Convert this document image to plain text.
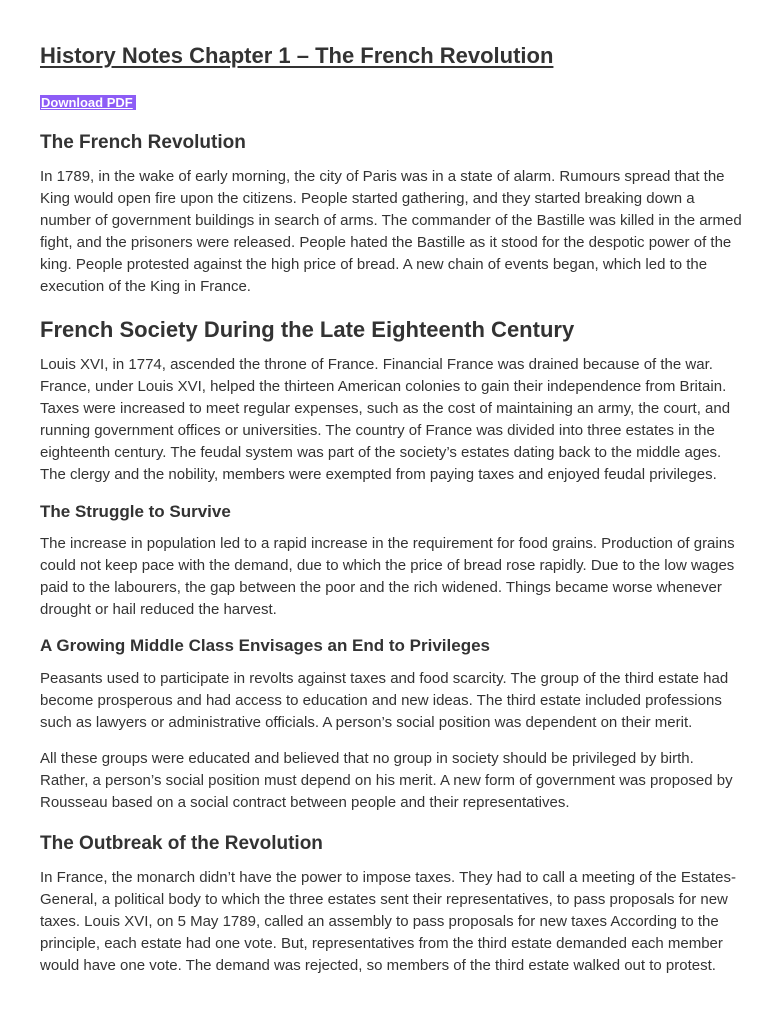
History Notes Chapter 1 – The French Revolution
Download PDF
The French Revolution

In 1789, in the wake of early morning, the city of Paris was in a state of alarm. Rumours spread that the King would open fire upon the citizens. People started gathering, and they started breaking down a number of government buildings in search of arms. The commander of the Bastille was killed in the armed fight, and the prisoners were released. People hated the Bastille as it stood for the despotic power of the king. People protested against the high price of bread. A new chain of events began, which led to the execution of the King in France.

French Society During the Late Eighteenth Century

Louis XVI, in 1774, ascended the throne of France. Financial France was drained because of the war. France, under Louis XVI, helped the thirteen American colonies to gain their independence from Britain. Taxes were increased to meet regular expenses, such as the cost of maintaining an army, the court, and running government offices or universities. The country of France was divided into three estates in the eighteenth century. The feudal system was part of the society’s estates dating back to the middle ages. The clergy and the nobility, members were exempted from paying taxes and enjoyed feudal privileges.

The Struggle to Survive

The increase in population led to a rapid increase in the requirement for food grains. Production of grains could not keep pace with the demand, due to which the price of bread rose rapidly. Due to the low wages paid to the labourers, the gap between the poor and the rich widened. Things became worse whenever drought or hail reduced the harvest.

A Growing Middle Class Envisages an End to Privileges

Peasants used to participate in revolts against taxes and food scarcity. The group of the third estate had become prosperous and had access to education and new ideas. The third estate included professions such as lawyers or administrative officials. A person’s social position was dependent on their merit.

All these groups were educated and believed that no group in society should be privileged by birth. Rather, a person’s social position must depend on his merit. A new form of government was proposed by Rousseau based on a social contract between people and their representatives.

The Outbreak of the Revolution

In France, the monarch didn’t have the power to impose taxes. They had to call a meeting of the Estates-General, a political body to which the three estates sent their representatives, to pass proposals for new taxes. Louis XVI, on 5 May 1789, called an assembly to pass proposals for new taxes According to the principle, each estate had one vote. But, representatives from the third estate demanded each member would have one vote. The demand was rejected, so members of the third estate walked out to protest.
